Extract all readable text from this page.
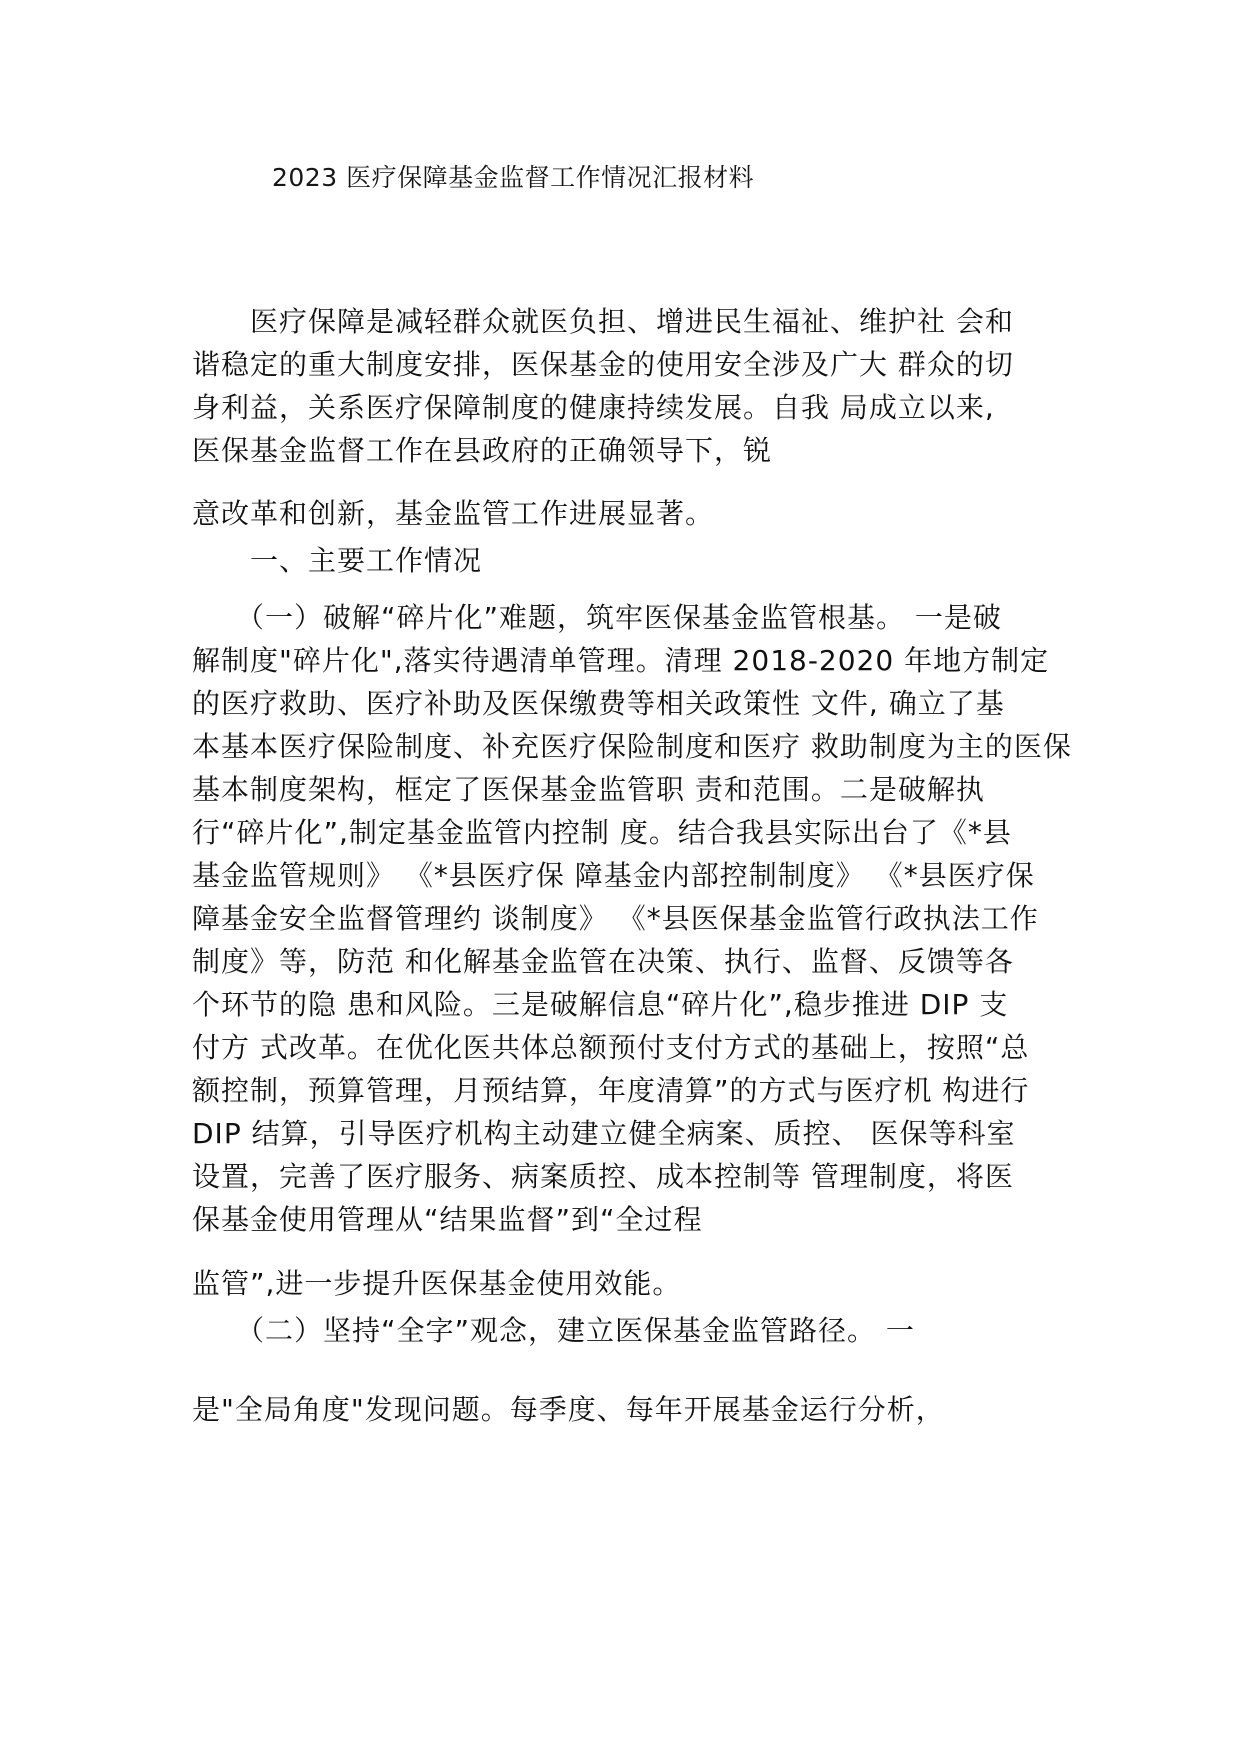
2023 医疗保障基金监督工作情况汇报材料
　　医疗保障是减轻群众就医负担、增进民生福祉、维护社 会和
谐稳定的重大制度安排，医保基金的使用安全涉及广大 群众的切
身利益，关系医疗保障制度的健康持续发展。自我 局成立以来,
医保基金监督工作在县政府的正确领导下，锐
意改革和创新，基金监管工作进展显著。
　　一、主要工作情况
　　（一）破解“碎片化”难题，筑牢医保基金监管根基。 一是破
解制度"碎片化",落实待遇清单管理。清理 2018-2020 年地方制定
的医疗救助、医疗补助及医保缴费等相关政策性 文件, 确立了基
本基本医疗保险制度、补充医疗保险制度和医疗 救助制度为主的医保
基本制度架构，框定了医保基金监管职 责和范围。二是破解执
行“碎片化”,制定基金监管内控制 度。结合我县实际出台了《*县
基金监管规则》 《*县医疗保 障基金内部控制制度》 《*县医疗保
障基金安全监督管理约 谈制度》 《*县医保基金监管行政执法工作
制度》等，防范 和化解基金监管在决策、执行、监督、反馈等各
个环节的隐 患和风险。三是破解信息“碎片化”,稳步推进 DIP 支
付方 式改革。在优化医共体总额预付支付方式的基础上，按照“总
额控制，预算管理，月预结算，年度清算”的方式与医疗机 构进行
DIP 结算，引导医疗机构主动建立健全病案、质控、 医保等科室
设置，完善了医疗服务、病案质控、成本控制等 管理制度，将医
保基金使用管理从“结果监督”到“全过程
监管”,进一步提升医保基金使用效能。
　　（二）坚持“全字”观念，建立医保基金监管路径。 一
是"全局角度"发现问题。每季度、每年开展基金运行分析，
